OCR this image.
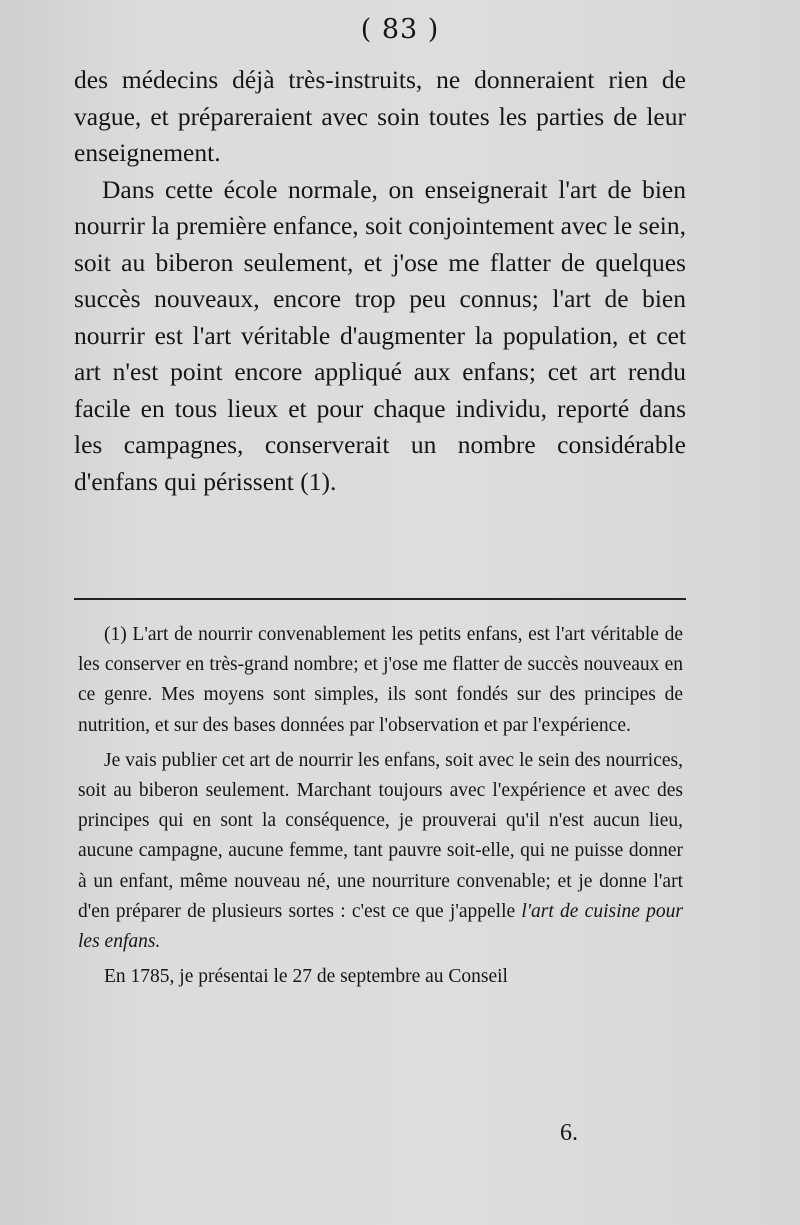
( 83 )

des médecins déjà très-instruits, ne donneraient rien de vague, et prépareraient avec soin toutes les parties de leur enseignement.

Dans cette école normale, on enseignerait l'art de bien nourrir la première enfance, soit conjointement avec le sein, soit au biberon seulement, et j'ose me flatter de quelques succès nouveaux, encore trop peu connus; l'art de bien nourrir est l'art véritable d'augmenter la population, et cet art n'est point encore appliqué aux enfans; cet art rendu facile en tous lieux et pour chaque individu, reporté dans les campagnes, conserverait un nombre considérable d'enfans qui périssent (1).

(1) L'art de nourrir convenablement les petits enfans, est l'art véritable de les conserver en très-grand nombre; et j'ose me flatter de succès nouveaux en ce genre. Mes moyens sont simples, ils sont fondés sur des principes de nutrition, et sur des bases données par l'observation et par l'expérience.

Je vais publier cet art de nourrir les enfans, soit avec le sein des nourrices, soit au biberon seulement. Marchant toujours avec l'expérience et avec des principes qui en sont la conséquence, je prouverai qu'il n'est aucun lieu, aucune campagne, aucune femme, tant pauvre soit-elle, qui ne puisse donner à un enfant, même nouveau né, une nourriture convenable; et je donne l'art d'en préparer de plusieurs sortes : c'est ce que j'appelle l'art de cuisine pour les enfans.

En 1785, je présentai le 27 de septembre au Conseil

6.
